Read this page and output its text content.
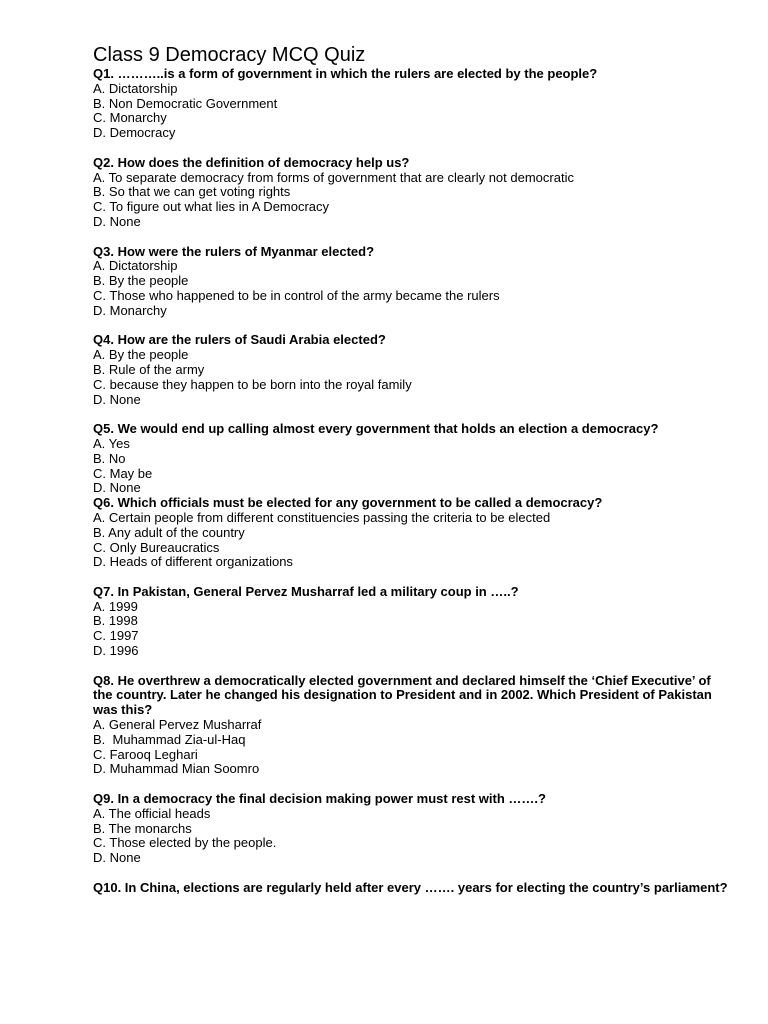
Class 9 Democracy MCQ Quiz
Q1. ………..is a form of government in which the rulers are elected by the people?
A. Dictatorship
B. Non Democratic Government
C. Monarchy
D. Democracy
Q2. How does the definition of democracy help us?
A. To separate democracy from forms of government that are clearly not democratic
B. So that we can get voting rights
C. To figure out what lies in A Democracy
D. None
Q3. How were the rulers of Myanmar elected?
A. Dictatorship
B. By the people
C. Those who happened to be in control of the army became the rulers
D. Monarchy
Q4. How are the rulers of Saudi Arabia elected?
A. By the people
B. Rule of the army
C. because they happen to be born into the royal family
D. None
Q5. We would end up calling almost every government that holds an election a democracy?
A. Yes
B. No
C. May be
D. None
Q6. Which officials must be elected for any government to be called a democracy?
A. Certain people from different constituencies passing the criteria to be elected
B. Any adult of the country
C. Only Bureaucratics
D. Heads of different organizations
Q7. In Pakistan, General Pervez Musharraf led a military coup in …..?
A. 1999
B. 1998
C. 1997
D. 1996
Q8. He overthrew a democratically elected government and declared himself the ‘Chief Executive’ of the country. Later he changed his designation to President and in 2002. Which President of Pakistan was this?
A. General Pervez Musharraf
B.  Muhammad Zia-ul-Haq
C. Farooq Leghari
D. Muhammad Mian Soomro
Q9. In a democracy the final decision making power must rest with …….?
A. The official heads
B. The monarchs
C. Those elected by the people.
D. None
Q10. In China, elections are regularly held after every ……. years for electing the country’s parliament?
